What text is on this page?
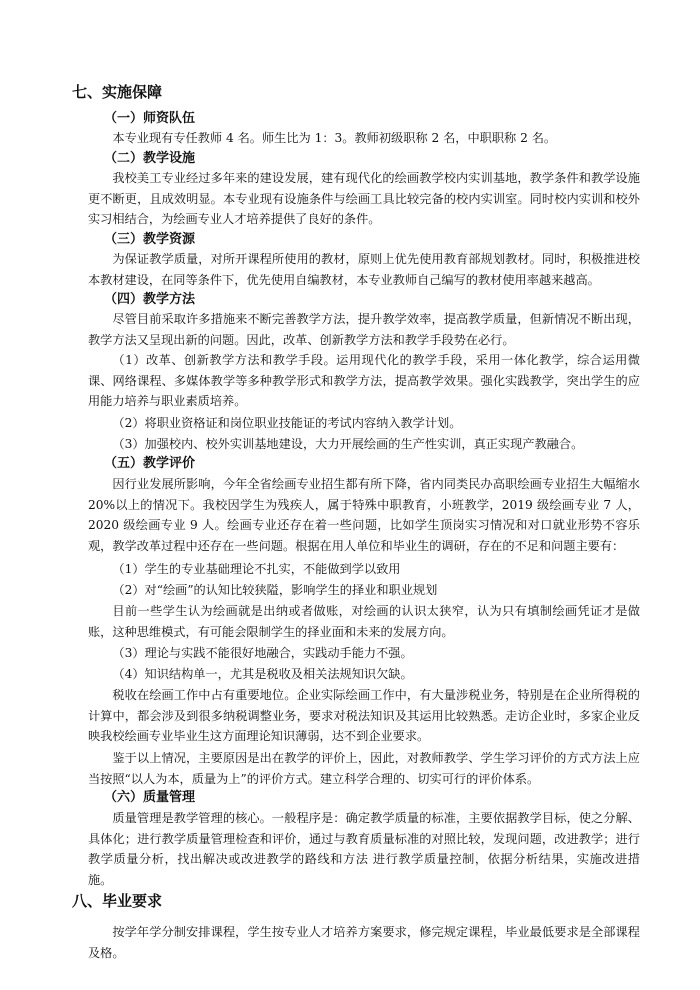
七、实施保障
（一）师资队伍

本专业现有专任教师 4 名。师生比为 1：3。教师初级职称 2 名，中职职称 2 名。

（二）教学设施

我校美工专业经过多年来的建设发展，建有现代化的绘画教学校内实训基地，教学条件和教学设施更不断更，且成效明显。本专业现有设施条件与绘画工具比较完备的校内实训室。同时校内实训和校外实习相结合，为绘画专业人才培养提供了良好的条件。

（三）教学资源

为保证教学质量，对所开课程所使用的教材，原则上优先使用教育部规划教材。同时，积极推进校本教材建设，在同等条件下，优先使用自编教材，本专业教师自己编写的教材使用率越来越高。

（四）教学方法

尽管目前采取许多措施来不断完善教学方法，提升教学效率，提高教学质量，但新情况不断出现，教学方法又呈现出新的问题。因此，改革、创新教学方法和教学手段势在必行。

（1）改革、创新教学方法和教学手段。运用现代化的教学手段，采用一体化教学，综合运用微课、网络课程、多媒体教学等多种教学形式和教学方法，提高教学效果。强化实践教学，突出学生的应用能力培养与职业素质培养。

（2）将职业资格证和岗位职业技能证的考试内容纳入教学计划。

（3）加强校内、校外实训基地建设，大力开展绘画的生产性实训，真正实现产教融合。

（五）教学评价

因行业发展所影响，今年全省绘画专业招生都有所下降，省内同类民办高职绘画专业招生大幅缩水 20%以上的情况下。我校因学生为残疾人，属于特殊中职教育，小班教学，2019 级绘画专业 7 人，2020 级绘画专业 9 人。绘画专业还存在着一些问题，比如学生顶岗实习情况和对口就业形势不容乐观，教学改革过程中还存在一些问题。根据在用人单位和毕业生的调研，存在的不足和问题主要有：

（1）学生的专业基础理论不扎实，不能做到学以致用

（2）对“绘画”的认知比较狭隘，影响学生的择业和职业规划

目前一些学生认为绘画就是出纳或者做账，对绘画的认识太狭窄，认为只有填制绘画凭证才是做账，这种思维模式，有可能会限制学生的择业面和未来的发展方向。

（3）理论与实践不能很好地融合，实践动手能力不强。

（4）知识结构单一，尤其是税收及相关法规知识欠缺。

税收在绘画工作中占有重要地位。企业实际绘画工作中，有大量涉税业务，特别是在企业所得税的计算中，都会涉及到很多纳税调整业务，要求对税法知识及其运用比较熟悉。走访企业时，多家企业反映我校绘画专业毕业生这方面理论知识薄弱，达不到企业要求。

鉴于以上情况，主要原因是出在教学的评价上，因此，对教师教学、学生学习评价的方式方法上应当按照“以人为本，质量为上”的评价方式。建立科学合理的、切实可行的评价体系。

（六）质量管理

质量管理是教学管理的核心。一般程序是：确定教学质量的标准，主要依据教学目标，使之分解、具体化；进行教学质量管理检查和评价，通过与教育质量标准的对照比较，发现问题，改进教学；进行教学质量分析，找出解决或改进教学的路线和方法 进行教学质量控制，依据分析结果，实施改进措施。

八、毕业要求

按学年学分制安排课程，学生按专业人才培养方案要求，修完规定课程，毕业最低要求是全部课程及格。
